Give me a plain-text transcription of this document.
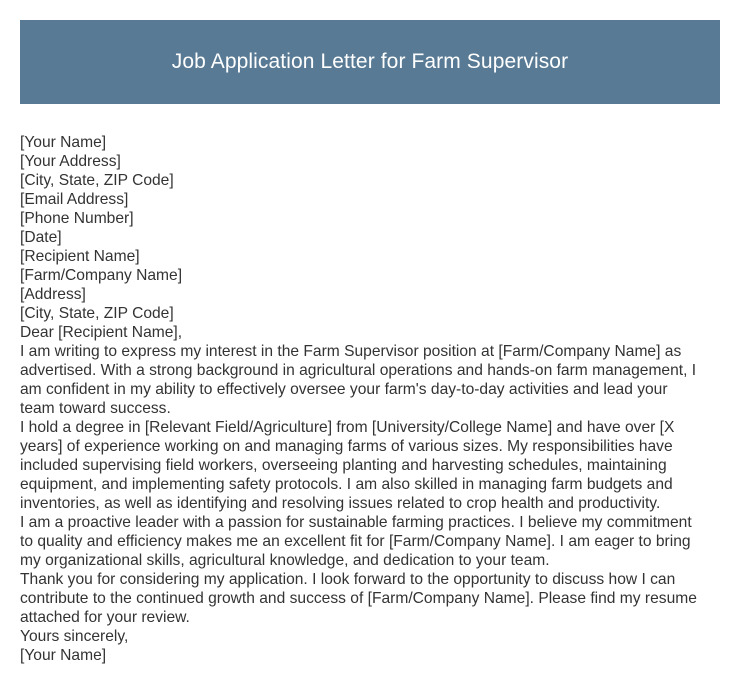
Job Application Letter for Farm Supervisor
[Your Name]
[Your Address]
[City, State, ZIP Code]
[Email Address]
[Phone Number]
[Date]
[Recipient Name]
[Farm/Company Name]
[Address]
[City, State, ZIP Code]
Dear [Recipient Name],
I am writing to express my interest in the Farm Supervisor position at [Farm/Company Name] as
advertised. With a strong background in agricultural operations and hands-on farm management, I
am confident in my ability to effectively oversee your farm's day-to-day activities and lead your
team toward success.
I hold a degree in [Relevant Field/Agriculture] from [University/College Name] and have over [X
years] of experience working on and managing farms of various sizes. My responsibilities have
included supervising field workers, overseeing planting and harvesting schedules, maintaining
equipment, and implementing safety protocols. I am also skilled in managing farm budgets and
inventories, as well as identifying and resolving issues related to crop health and productivity.
I am a proactive leader with a passion for sustainable farming practices. I believe my commitment
to quality and efficiency makes me an excellent fit for [Farm/Company Name]. I am eager to bring
my organizational skills, agricultural knowledge, and dedication to your team.
Thank you for considering my application. I look forward to the opportunity to discuss how I can
contribute to the continued growth and success of [Farm/Company Name]. Please find my resume
attached for your review.
Yours sincerely,
[Your Name]
